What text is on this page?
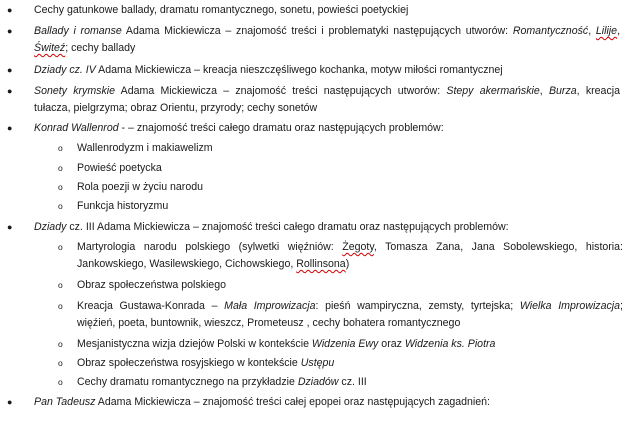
● Cechy gatunkowe ballady, dramatu romantycznego, sonetu, powieści poetyckiej
● Ballady i romanse Adama Mickiewicza – znajomość treści i problematyki następujących utworów: Romantyczność, Lilije,
Świteź; cechy ballady
● Dziady cz. IV Adama Mickiewicza – kreacja nieszczęśliwego kochanka, motyw miłości romantycznej
● Sonety krymskie Adama Mickiewicza – znajomość treści następujących utworów: Stepy akermańskie, Burza, kreacja
tułacza, pielgrzyma; obraz Orientu, przyrody; cechy sonetów
● Konrad Wallenrod - – znajomość treści całego dramatu oraz następujących problemów:
o Wallenrodyzm i makiawelizm
o Powieść poetycka
o Rola poezji w życiu narodu
o Funkcja historyzmu
● Dziady cz. III Adama Mickiewicza – znajomość treści całego dramatu oraz następujących problemów:
o Martyrologia narodu polskiego (sylwetki więźniów: Żegoty, Tomasza Zana, Jana Sobolewskiego, historia:
Jankowskiego, Wasilewskiego, Cichowskiego, Rollinsona)
o Obraz społeczeństwa polskiego
o Kreacja Gustawa-Konrada – Mała Improwizacja: pieśń wampiryczna, zemsty, tyrtejska; Wielka Improwizacja;
więźień, poeta, buntownik, wieszcz, Prometeusz , cechy bohatera romantycznego
o Mesjanistyczna wizja dziejów Polski w kontekście Widzenia Ewy oraz Widzenia ks. Piotra
o Obraz społeczeństwa rosyjskiego w kontekście Ustępu
o Cechy dramatu romantycznego na przykładzie Dziadów cz. III
● Pan Tadeusz Adama Mickiewicza – znajomość treści całej epopei oraz następujących zagadnień:
